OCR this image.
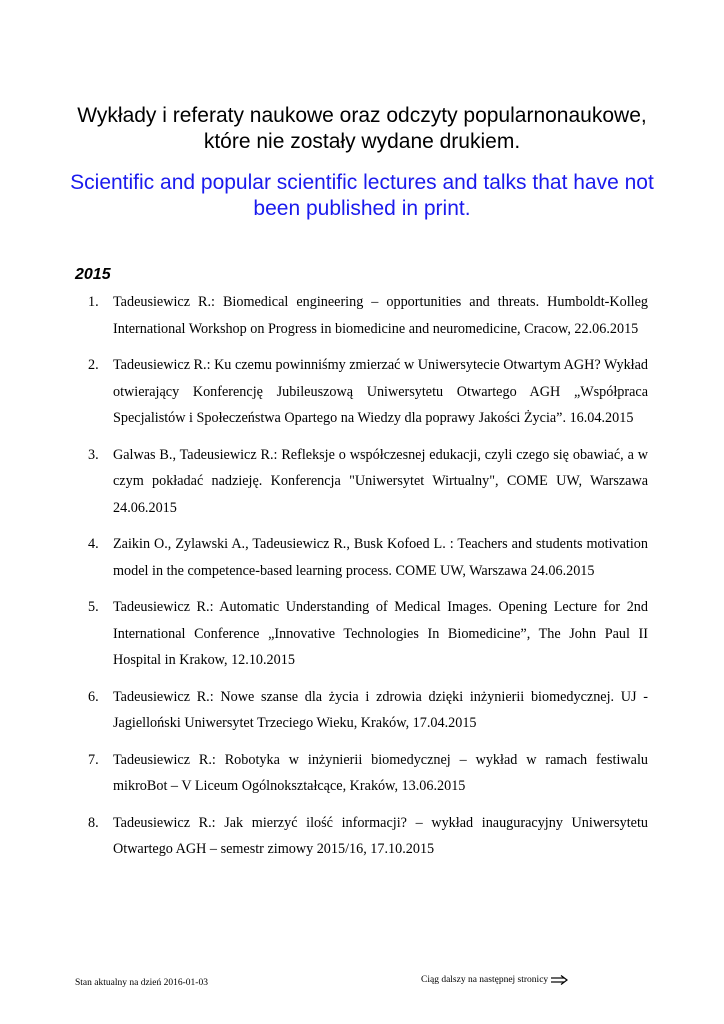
Wykłady i referaty naukowe oraz odczyty popularnonaukowe, które nie zostały wydane drukiem.
Scientific and popular scientific lectures and talks that have not been published in print.
2015
1. Tadeusiewicz R.: Biomedical engineering – opportunities and threats. Humboldt-Kolleg International Workshop on Progress in biomedicine and neuromedicine, Cracow, 22.06.2015
2. Tadeusiewicz R.: Ku czemu powinniśmy zmierzać w Uniwersytecie Otwartym AGH? Wykład otwierający Konferencję Jubileuszową Uniwersytetu Otwartego AGH „Współpraca Specjalistów i Społeczeństwa Opartego na Wiedzy dla poprawy Jakości Życia”. 16.04.2015
3. Galwas B., Tadeusiewicz R.: Refleksje o współczesnej edukacji, czyli czego się obawiać, a w czym pokładać nadzieję. Konferencja "Uniwersytet Wirtualny", COME UW, Warszawa 24.06.2015
4. Zaikin O., Zylawski A., Tadeusiewicz R., Busk Kofoed L. : Teachers and students motivation model in the competence-based learning process. COME UW, Warszawa 24.06.2015
5. Tadeusiewicz R.: Automatic Understanding of Medical Images. Opening Lecture for 2nd International Conference „Innovative Technologies In Biomedicine”, The John Paul II Hospital in Krakow, 12.10.2015
6. Tadeusiewicz R.: Nowe szanse dla życia i zdrowia dzięki inżynierii biomedycznej. UJ - Jagielloński Uniwersytet Trzeciego Wieku, Kraków, 17.04.2015
7. Tadeusiewicz R.: Robotyka w inżynierii biomedycznej – wykład w ramach festiwalu mikroBot – V Liceum Ogólnokształcące, Kraków, 13.06.2015
8. Tadeusiewicz R.: Jak mierzyć ilość informacji? – wykład inauguracyjny Uniwersytetu Otwartego AGH – semestr zimowy 2015/16, 17.10.2015
Stan aktualny na dzień 2016-01-03	Ciąg dalszy na następnej stronicy
